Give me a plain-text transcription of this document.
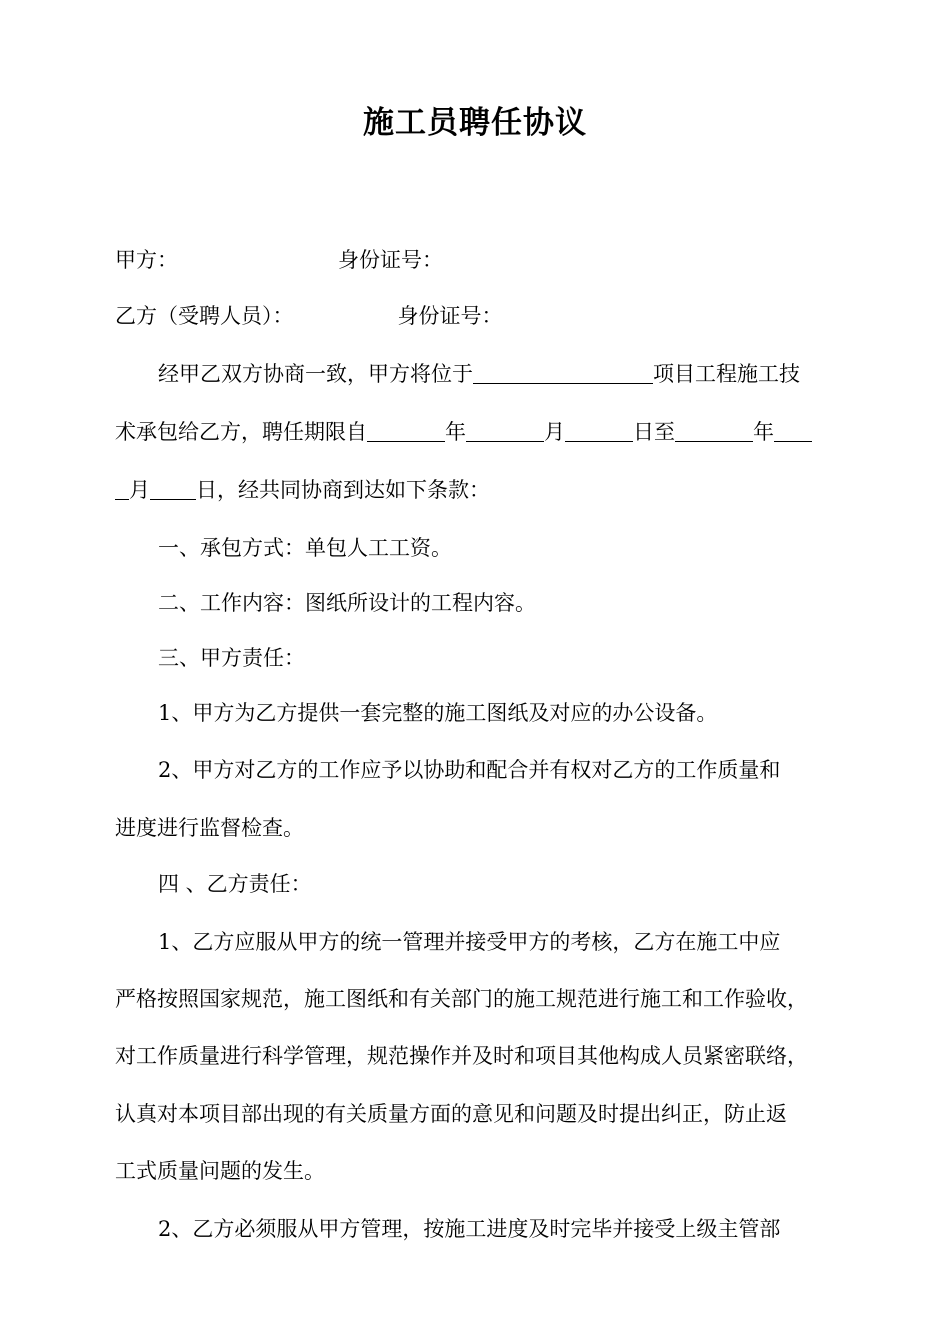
施工员聘任协议
甲方：	身份证号：
乙方（受聘人员）：	身份证号：
经甲乙双方协商一致，甲方将位于	项目工程施工技
术承包给乙方，聘任期限自	年	月	日至	年
月 日，经共同协商到达如下条款：
一、承包方式：单包人工工资。
二、工作内容：图纸所设计的工程内容。
三、甲方责任：
1、甲方为乙方提供一套完整的施工图纸及对应的办公设备。
2、甲方对乙方的工作应予以协助和配合并有权对乙方的工作质量和
进度进行监督检查。
四 、乙方责任：
1、乙方应服从甲方的统一管理并接受甲方的考核，乙方在施工中应
严格按照国家规范，施工图纸和有关部门的施工规范进行施工和工作验收，
对工作质量进行科学管理，规范操作并及时和项目其他构成人员紧密联络，
认真对本项目部出现的有关质量方面的意见和问题及时提出纠正，防止返
工式质量问题的发生。
2、乙方必须服从甲方管理，按施工进度及时完毕并接受上级主管部
